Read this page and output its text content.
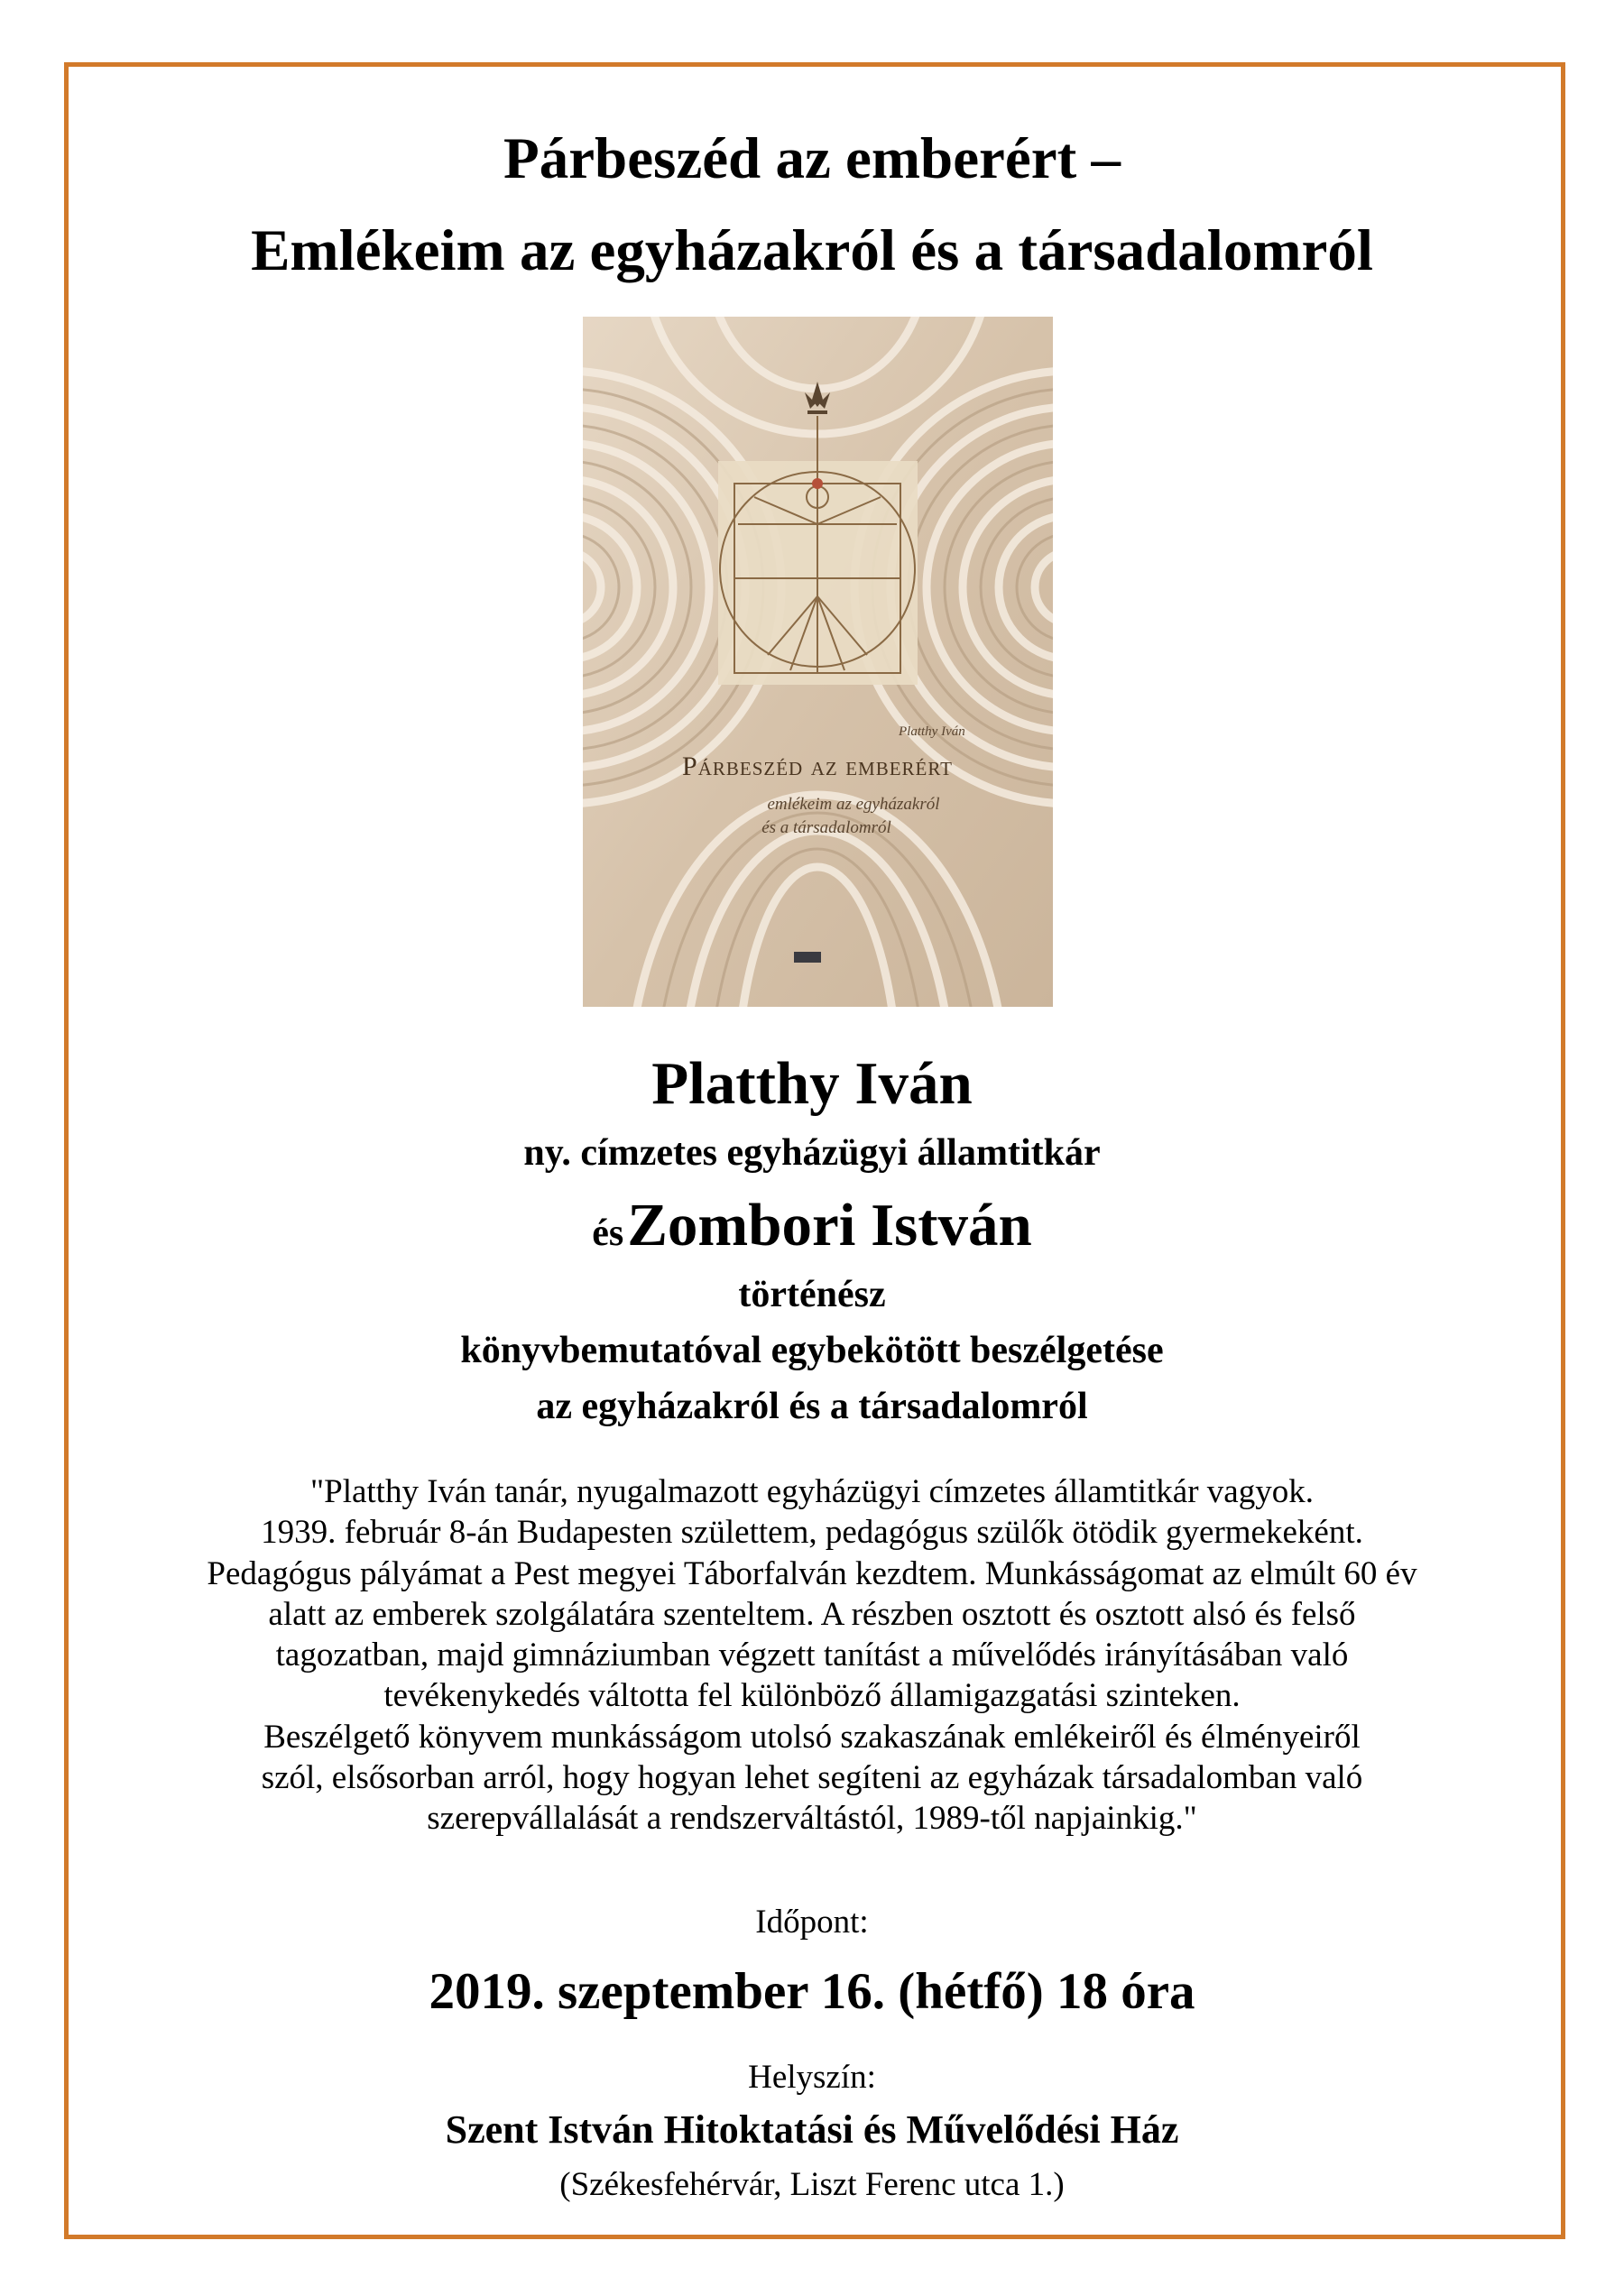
Párbeszéd az emberért –
Emlékeim az egyházakról és a társadalomról
Platthy Iván
Párbeszéd az emberért
emlékeim az egyházakról
és a társadalomról
Platthy Iván
ny. címzetes egyházügyi államtitkár
és Zombori István
történész
könyvbemutatóval egybekötött beszélgetése
az egyházakról és a társadalomról
"Platthy Iván tanár, nyugalmazott egyházügyi címzetes államtitkár vagyok.
1939. február 8-án Budapesten születtem, pedagógus szülők ötödik gyermekeként.
Pedagógus pályámat a Pest megyei Táborfalván kezdtem. Munkásságomat az elmúlt 60 év
alatt az emberek szolgálatára szenteltem. A részben osztott és osztott alsó és felső
tagozatban, majd gimnáziumban végzett tanítást a művelődés irányításában való
tevékenykedés váltotta fel különböző államigazgatási szinteken.
Beszélgető könyvem munkásságom utolsó szakaszának emlékeiről és élményeiről
szól, elsősorban arról, hogy hogyan lehet segíteni az egyházak társadalomban való
szerepvállalását a rendszerváltástól, 1989-től napjainkig."
Időpont:
2019. szeptember 16. (hétfő) 18 óra
Helyszín:
Szent István Hitoktatási és Művelődési Ház
(Székesfehérvár, Liszt Ferenc utca 1.)
